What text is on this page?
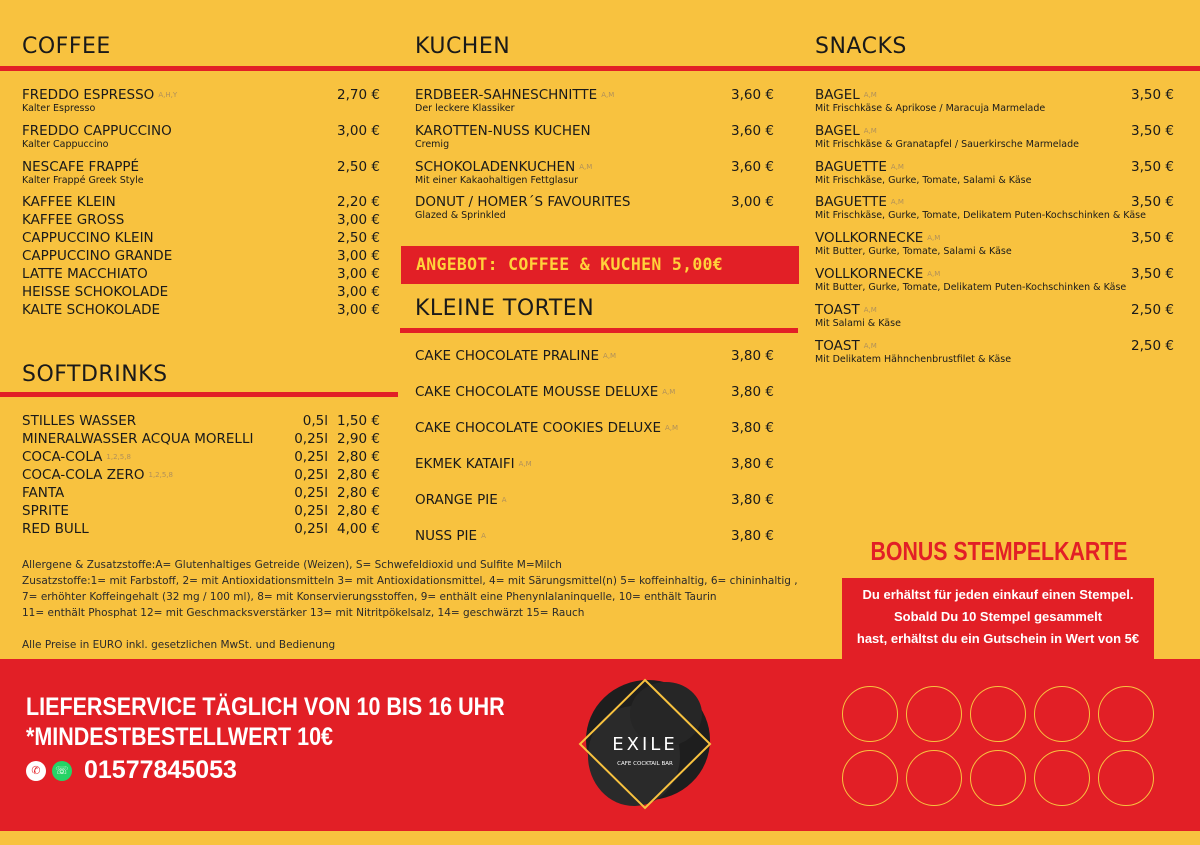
COFFEE
FREDDO ESPRESSO A,H,Y
Kalter Espresso
2,70 €
FREDDO CAPPUCCINO
Kalter Cappuccino
3,00 €
NESCAFE FRAPPÉ
Kalter Frappé Greek Style
2,50 €
KAFFEE KLEIN	2,20 €
KAFFEE GROSS	3,00 €
CAPPUCCINO KLEIN	2,50 €
CAPPUCCINO GRANDE	3,00 €
LATTE MACCHIATO	3,00 €
HEISSE SCHOKOLADE	3,00 €
KALTE SCHOKOLADE	3,00 €
SOFTDRINKS
STILLES WASSER	0,5l 1,50 €
MINERALWASSER ACQUA MORELLI	0,25l 2,90 €
COCA-COLA 1,2,5,8	0,25l 2,80 €
COCA-COLA ZERO 1,2,5,8	0,25l 2,80 €
FANTA	0,25l 2,80 €
SPRITE	0,25l 2,80 €
RED BULL	0,25l 4,00 €

Allergene & Zusatzstoffe:A= Glutenhaltiges Getreide (Weizen), S= Schwefeldioxid und Sulfite M=Milch

Zusatzstoffe:1= mit Farbstoff, 2= mit Antioxidationsmitteln 3= mit Antioxidationsmittel, 4= mit Särungsmittel(n) 5= koffeinhaltig, 6= chininhaltig ,

7= erhöhter Koffeingehalt (32 mg / 100 ml), 8= mit Konservierungsstoffen, 9= enthält eine Phenynlalaninquelle, 10= enthält Taurin

11= enthält Phosphat 12= mit Geschmacksverstärker 13= mit Nitritpökelsalz, 14= geschwärzt 15= Rauch

Alle Preise in EURO inkl. gesetzlichen MwSt. und Bedienung

KUCHEN
ERDBEER-SAHNESCHNITTE A,M
Der leckere Klassiker
3,60 €
KAROTTEN-NUSS KUCHEN
Cremig
3,60 €
SCHOKOLADENKUCHEN A,M
Mit einer Kakaohaltigen Fettglasur
3,60 €
DONUT / HOMER´S FAVOURITES
Glazed & Sprinkled
3,00 €
KLEINE TORTEN
CAKE CHOCOLATE PRALINE A,M	3,80 €
CAKE CHOCOLATE MOUSSE DELUXE A,M	3,80 €
CAKE CHOCOLATE COOKIES DELUXE A,M	3,80 €
EKMEK KATAIFI A,M	3,80 €
ORANGE PIE A	3,80 €
NUSS PIE A	3,80 €
ANGEBOT: COFFEE & KUCHEN 5,00€
SNACKS
BAGEL A,M
Mit Frischkäse & Aprikose / Maracuja Marmelade
3,50 €
BAGEL A,M
Mit Frischkäse & Granatapfel / Sauerkirsche Marmelade
3,50 €
BAGUETTE A,M
Mit Frischkäse, Gurke, Tomate, Salami & Käse
3,50 €
BAGUETTE A,M
Mit Frischkäse, Gurke, Tomate, Delikatem Puten-Kochschinken & Käse
3,50 €
VOLLKORNECKE A,M
Mit Butter, Gurke, Tomate, Salami & Käse
3,50 €
VOLLKORNECKE A,M
Mit Butter, Gurke, Tomate, Delikatem Puten-Kochschinken & Käse
3,50 €
TOAST A,M
Mit Salami & Käse
2,50 €
TOAST A,M
Mit Delikatem Hähnchenbrustfilet & Käse
2,50 €
BONUS STEMPELKARTE
Du erhältst für jeden einkauf einen Stempel.
Sobald Du 10 Stempel gesammelt
hast, erhältst du ein Gutschein in Wert von 5€
LIEFERSERVICE TÄGLICH VON 10 BIS 16 UHR
*MINDESTBESTELLWERT 10€
✆	☏ 01577845053
EXILE
CAFE COCKTAIL BAR
